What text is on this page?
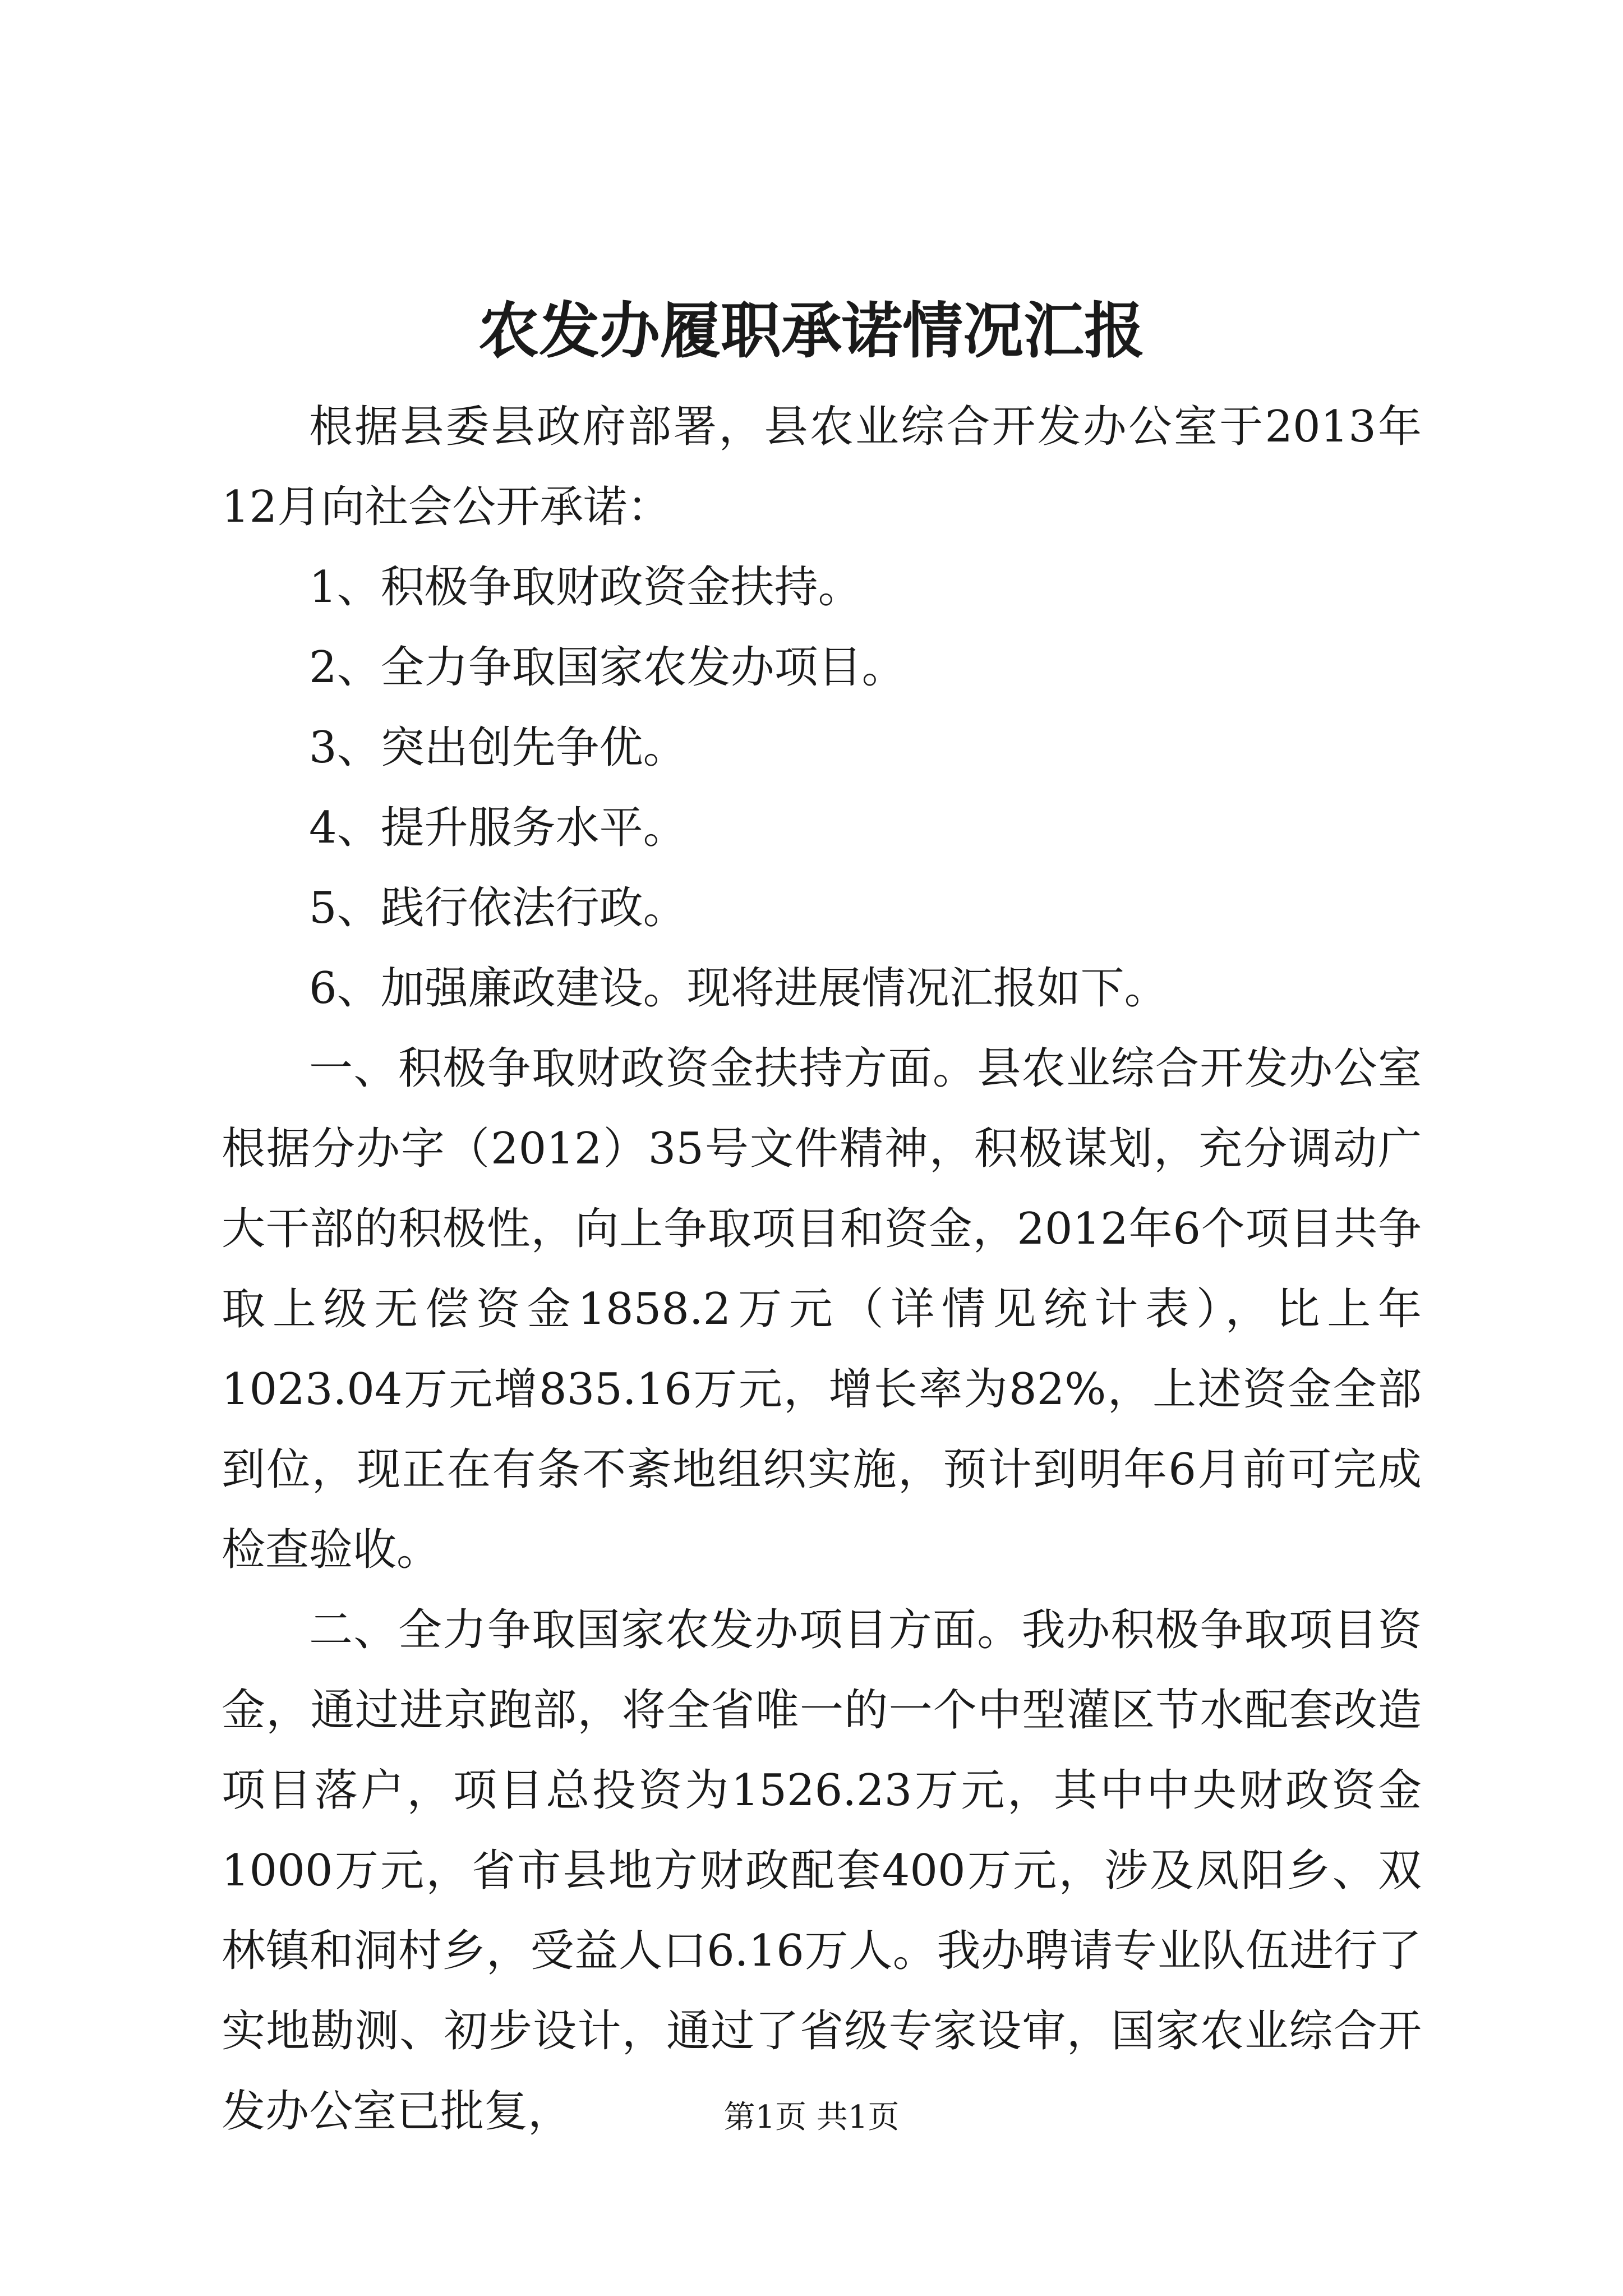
农发办履职承诺情况汇报

根据县委县政府部署，县农业综合开发办公室于2013年12月向社会公开承诺：

1、积极争取财政资金扶持。

2、全力争取国家农发办项目。

3、突出创先争优。

4、提升服务水平。

5、践行依法行政。

6、加强廉政建设。现将进展情况汇报如下。

一、积极争取财政资金扶持方面。县农业综合开发办公室根据分办字（2012）35号文件精神，积极谋划，充分调动广大干部的积极性，向上争取项目和资金，2012年6个项目共争取上级无偿资金1858.2万元（详情见统计表），比上年1023.04万元增835.16万元，增长率为82%，上述资金全部到位，现正在有条不紊地组织实施，预计到明年6月前可完成检查验收。

二、全力争取国家农发办项目方面。我办积极争取项目资金，通过进京跑部，将全省唯一的一个中型灌区节水配套改造项目落户，项目总投资为1526.23万元，其中中央财政资金1000万元，省市县地方财政配套400万元，涉及凤阳乡、双林镇和洞村乡，受益人口6.16万人。我办聘请专业队伍进行了实地勘测、初步设计，通过了省级专家设审，国家农业综合开发办公室已批复，	第1页 共1页
